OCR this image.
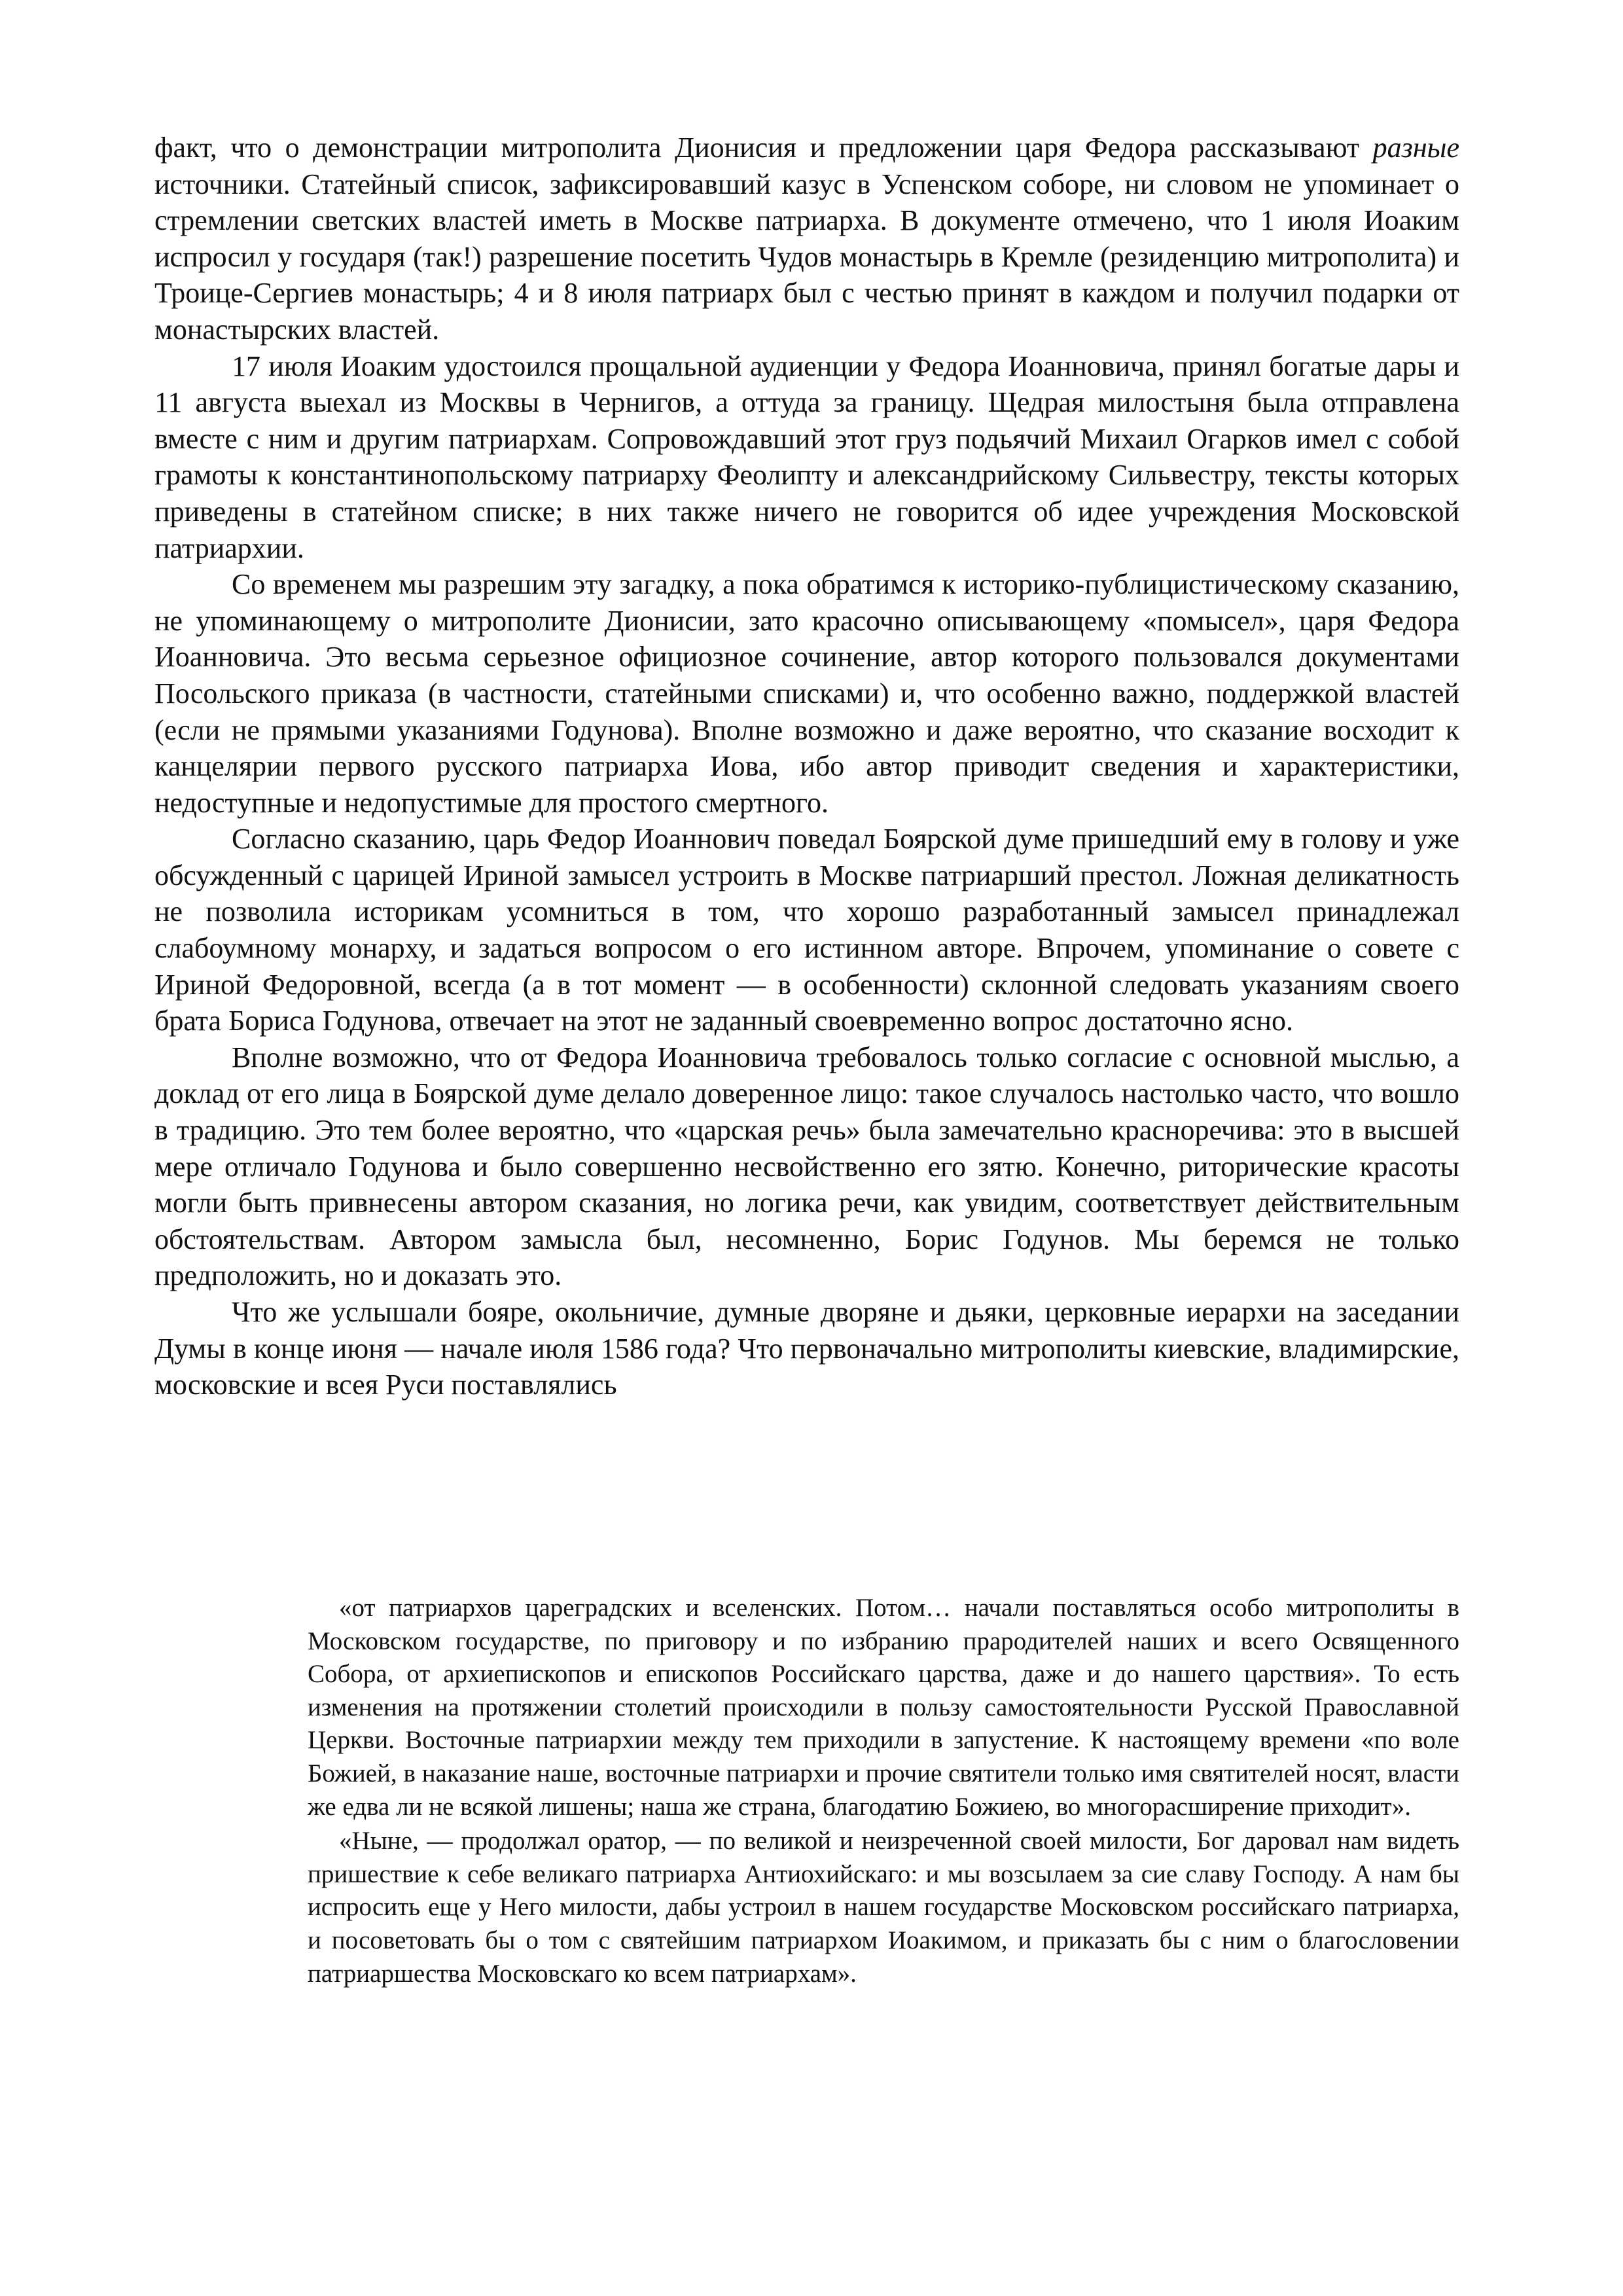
факт, что о демонстрации митрополита Дионисия и предложении царя Федора рассказывают разные источники. Статейный список, зафиксировавший казус в Успенском соборе, ни словом не упоминает о стремлении светских властей иметь в Москве патриарха. В документе отмечено, что 1 июля Иоаким испросил у государя (так!) разрешение посетить Чудов монастырь в Кремле (резиденцию митрополита) и Троице-Сергиев монастырь; 4 и 8 июля патриарх был с честью принят в каждом и получил подарки от монастырских властей.

17 июля Иоаким удостоился прощальной аудиенции у Федора Иоанновича, принял богатые дары и 11 августа выехал из Москвы в Чернигов, а оттуда за границу. Щедрая милостыня была отправлена вместе с ним и другим патриархам. Сопровождавший этот груз подьячий Михаил Огарков имел с собой грамоты к константинопольскому патриарху Феолипту и александрийскому Сильвестру, тексты которых приведены в статейном списке; в них также ничего не говорится об идее учреждения Московской патриархии.

Со временем мы разрешим эту загадку, а пока обратимся к историко-публицистическому сказанию, не упоминающему о митрополите Дионисии, зато красочно описывающему «помысел», царя Федора Иоанновича. Это весьма серьезное официозное сочинение, автор которого пользовался документами Посольского приказа (в частности, статейными списками) и, что особенно важно, поддержкой властей (если не прямыми указаниями Годунова). Вполне возможно и даже вероятно, что сказание восходит к канцелярии первого русского патриарха Иова, ибо автор приводит сведения и характеристики, недоступные и недопустимые для простого смертного.

Согласно сказанию, царь Федор Иоаннович поведал Боярской думе пришедший ему в голову и уже обсужденный с царицей Ириной замысел устроить в Москве патриарший престол. Ложная деликатность не позволила историкам усомниться в том, что хорошо разработанный замысел принадлежал слабоумному монарху, и задаться вопросом о его истинном авторе. Впрочем, упоминание о совете с Ириной Федоровной, всегда (а в тот момент — в особенности) склонной следовать указаниям своего брата Бориса Годунова, отвечает на этот не заданный своевременно вопрос достаточно ясно.

Вполне возможно, что от Федора Иоанновича требовалось только согласие с основной мыслью, а доклад от его лица в Боярской думе делало доверенное лицо: такое случалось настолько часто, что вошло в традицию. Это тем более вероятно, что «царская речь» была замечательно красноречива: это в высшей мере отличало Годунова и было совершенно несвойственно его зятю. Конечно, риторические красоты могли быть привнесены автором сказания, но логика речи, как увидим, соответствует действительным обстоятельствам. Автором замысла был, несомненно, Борис Годунов. Мы беремся не только предположить, но и доказать это.

Что же услышали бояре, окольничие, думные дворяне и дьяки, церковные иерархи на заседании Думы в конце июня — начале июля 1586 года? Что первоначально митрополиты киевские, владимирские, московские и всея Руси поставлялись

«от патриархов цареградских и вселенских. Потом… начали поставляться особо митрополиты в Московском государстве, по приговору и по избранию прародителей наших и всего Освященного Собора, от архиепископов и епископов Российскаго царства, даже и до нашего царствия». То есть изменения на протяжении столетий происходили в пользу самостоятельности Русской Православной Церкви. Восточные патриархии между тем приходили в запустение. К настоящему времени «по воле Божией, в наказание наше, восточные патриархи и прочие святители только имя святителей носят, власти же едва ли не всякой лишены; наша же страна, благодатию Божиею, во многорасширение приходит».

«Ныне, — продолжал оратор, — по великой и неизреченной своей милости, Бог даровал нам видеть пришествие к себе великаго патриарха Антиохийскаго: и мы возсылаем за сие славу Господу. А нам бы испросить еще у Него милости, дабы устроил в нашем государстве Московском российскаго патриарха, и посоветовать бы о том с святейшим патриархом Иоакимом, и приказать бы с ним о благословении патриаршества Московскаго ко всем патриархам».
